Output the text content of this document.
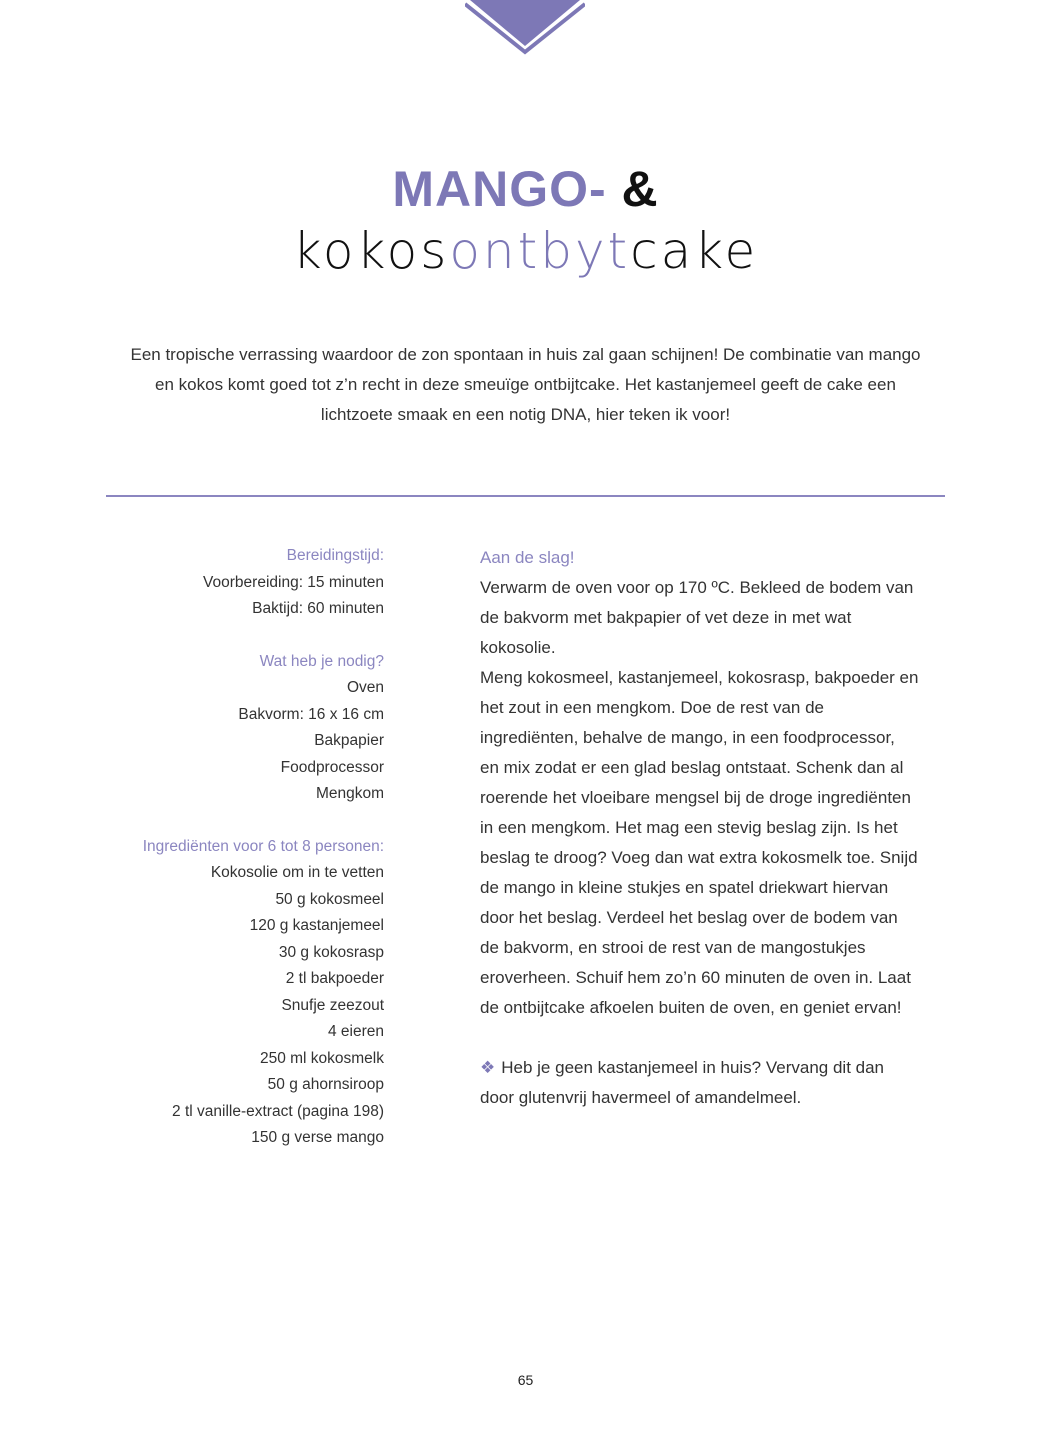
MANGO- &
kokosontbytcake
Een tropische verrassing waardoor de zon spontaan in huis zal gaan schijnen! De combinatie van mango
en kokos komt goed tot z’n recht in deze smeuïge ontbijtcake. Het kastanjemeel geeft de cake een
lichtzoete smaak en een notig DNA, hier teken ik voor!
Bereidingstijd:
Voorbereiding: 15 minuten
Baktijd: 60 minuten
Wat heb je nodig?
Oven
Bakvorm: 16 x 16 cm
Bakpapier
Foodprocessor
Mengkom
Ingrediënten voor 6 tot 8 personen:
Kokosolie om in te vetten
50 g kokosmeel
120 g kastanjemeel
30 g kokosrasp
2 tl bakpoeder
Snufje zeezout
4 eieren
250 ml kokosmelk
50 g ahornsiroop
2 tl vanille-extract (pagina 198)
150 g verse mango
Aan de slag!
Verwarm de oven voor op 170 ºC. Bekleed de bodem van
de bakvorm met bakpapier of vet deze in met wat
kokosolie.
Meng kokosmeel, kastanjemeel, kokosrasp, bakpoeder en
het zout in een mengkom. Doe de rest van de
ingrediënten, behalve de mango, in een foodprocessor,
en mix zodat er een glad beslag ontstaat. Schenk dan al
roerende het vloeibare mengsel bij de droge ingrediënten
in een mengkom. Het mag een stevig beslag zijn. Is het
beslag te droog? Voeg dan wat extra kokosmelk toe. Snijd
de mango in kleine stukjes en spatel driekwart hiervan
door het beslag. Verdeel het beslag over de bodem van
de bakvorm, en strooi de rest van de mangostukjes
eroverheen. Schuif hem zo’n 60 minuten de oven in. Laat
de ontbijtcake afkoelen buiten de oven, en geniet ervan!
❖ Heb je geen kastanjemeel in huis? Vervang dit dan
door glutenvrij havermeel of amandelmeel.
65
